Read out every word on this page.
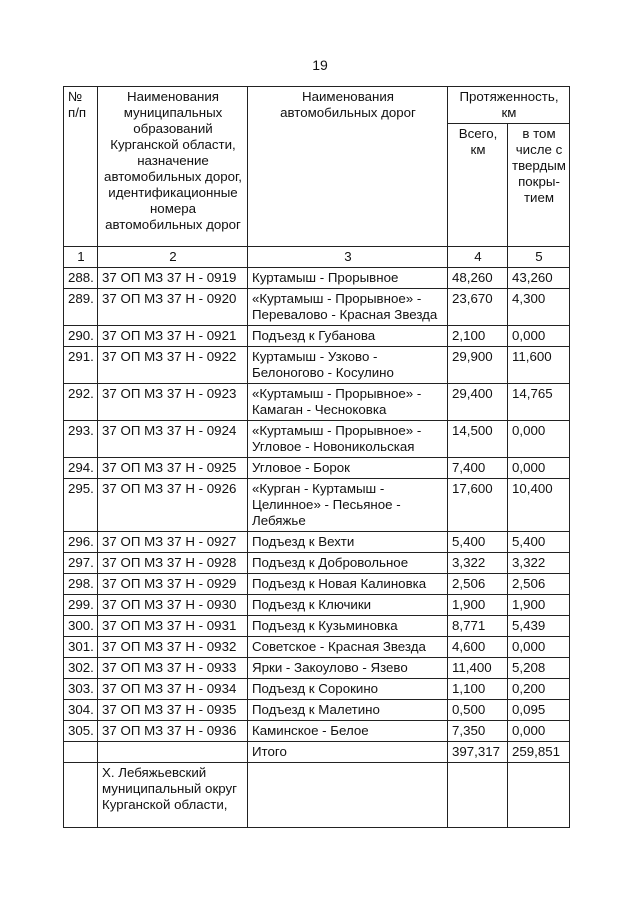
19
№
п/п	Наименования муниципальных образований Курганской области, назначение автомобильных дорог, идентификационные номера автомобильных дорог	Наименования автомобильных дорог	Протяженность, км	
			Всего, км	в том числе с твердым покры-тием
1	2	3	4	5
288.	37 ОП МЗ 37 Н - 0919	Куртамыш - Прорывное	48,260	43,260
289.	37 ОП МЗ 37 Н - 0920	«Куртамыш - Прорывное» - Перевалово - Красная Звезда	23,670	4,300
290.	37 ОП МЗ 37 Н - 0921	Подъезд к Губанова	2,100	0,000
291.	37 ОП МЗ 37 Н - 0922	Куртамыш - Узково - Белоногово - Косулино	29,900	11,600
292.	37 ОП МЗ 37 Н - 0923	«Куртамыш - Прорывное» - Камаган - Чесноковка	29,400	14,765
293.	37 ОП МЗ 37 Н - 0924	«Куртамыш - Прорывное» - Угловое - Новоникольская	14,500	0,000
294.	37 ОП МЗ 37 Н - 0925	Угловое - Борок	7,400	0,000
295.	37 ОП МЗ 37 Н - 0926	«Курган - Куртамыш - Целинное» - Песьяное - Лебяжье	17,600	10,400
296.	37 ОП МЗ 37 Н - 0927	Подъезд к Вехти	5,400	5,400
297.	37 ОП МЗ 37 Н - 0928	Подъезд к Добровольное	3,322	3,322
298.	37 ОП МЗ 37 Н - 0929	Подъезд к Новая Калиновка	2,506	2,506
299.	37 ОП МЗ 37 Н - 0930	Подъезд к Ключики	1,900	1,900
300.	37 ОП МЗ 37 Н - 0931	Подъезд к Кузьминовка	8,771	5,439
301.	37 ОП МЗ 37 Н - 0932	Советское - Красная Звезда	4,600	0,000
302.	37 ОП МЗ 37 Н - 0933	Ярки - Закоулово - Язево	11,400	5,208
303.	37 ОП МЗ 37 Н - 0934	Подъезд к Сорокино	1,100	0,200
304.	37 ОП МЗ 37 Н - 0935	Подъезд к Малетино	0,500	0,095
305.	37 ОП МЗ 37 Н - 0936	Каминское - Белое	7,350	0,000
		Итого	397,317	259,851
	X. Лебяжьевский муниципальный округ Курганской области,			
